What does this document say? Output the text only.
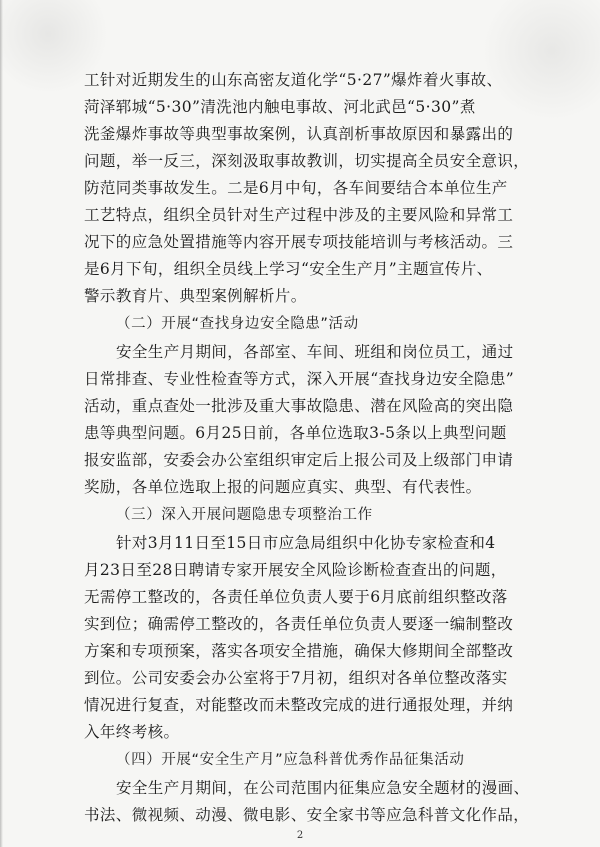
工针对近期发生的山东高密友道化学“5·27”爆炸着火事故、
菏泽郓城“5·30”清洗池内触电事故、河北武邑“5·30”煮
洗釜爆炸事故等典型事故案例，认真剖析事故原因和暴露出的
问题，举一反三，深刻汲取事故教训，切实提高全员安全意识，
防范同类事故发生。二是6月中旬，各车间要结合本单位生产
工艺特点，组织全员针对生产过程中涉及的主要风险和异常工
况下的应急处置措施等内容开展专项技能培训与考核活动。三
是6月下旬，组织全员线上学习“安全生产月”主题宣传片、
警示教育片、典型案例解析片。
（二）开展“查找身边安全隐患”活动
安全生产月期间，各部室、车间、班组和岗位员工，通过
日常排查、专业性检查等方式，深入开展“查找身边安全隐患”
活动，重点查处一批涉及重大事故隐患、潜在风险高的突出隐
患等典型问题。6月25日前，各单位选取3-5条以上典型问题
报安监部，安委会办公室组织审定后上报公司及上级部门申请
奖励，各单位选取上报的问题应真实、典型、有代表性。
（三）深入开展问题隐患专项整治工作
针对3月11日至15日市应急局组织中化协专家检查和4
月23日至28日聘请专家开展安全风险诊断检查查出的问题，
无需停工整改的，各责任单位负责人要于6月底前组织整改落
实到位；确需停工整改的，各责任单位负责人要逐一编制整改
方案和专项预案，落实各项安全措施，确保大修期间全部整改
到位。公司安委会办公室将于7月初，组织对各单位整改落实
情况进行复查，对能整改而未整改完成的进行通报处理，并纳
入年终考核。
（四）开展“安全生产月”应急科普优秀作品征集活动
安全生产月期间，在公司范围内征集应急安全题材的漫画、
书法、微视频、动漫、微电影、安全家书等应急科普文化作品，
2
